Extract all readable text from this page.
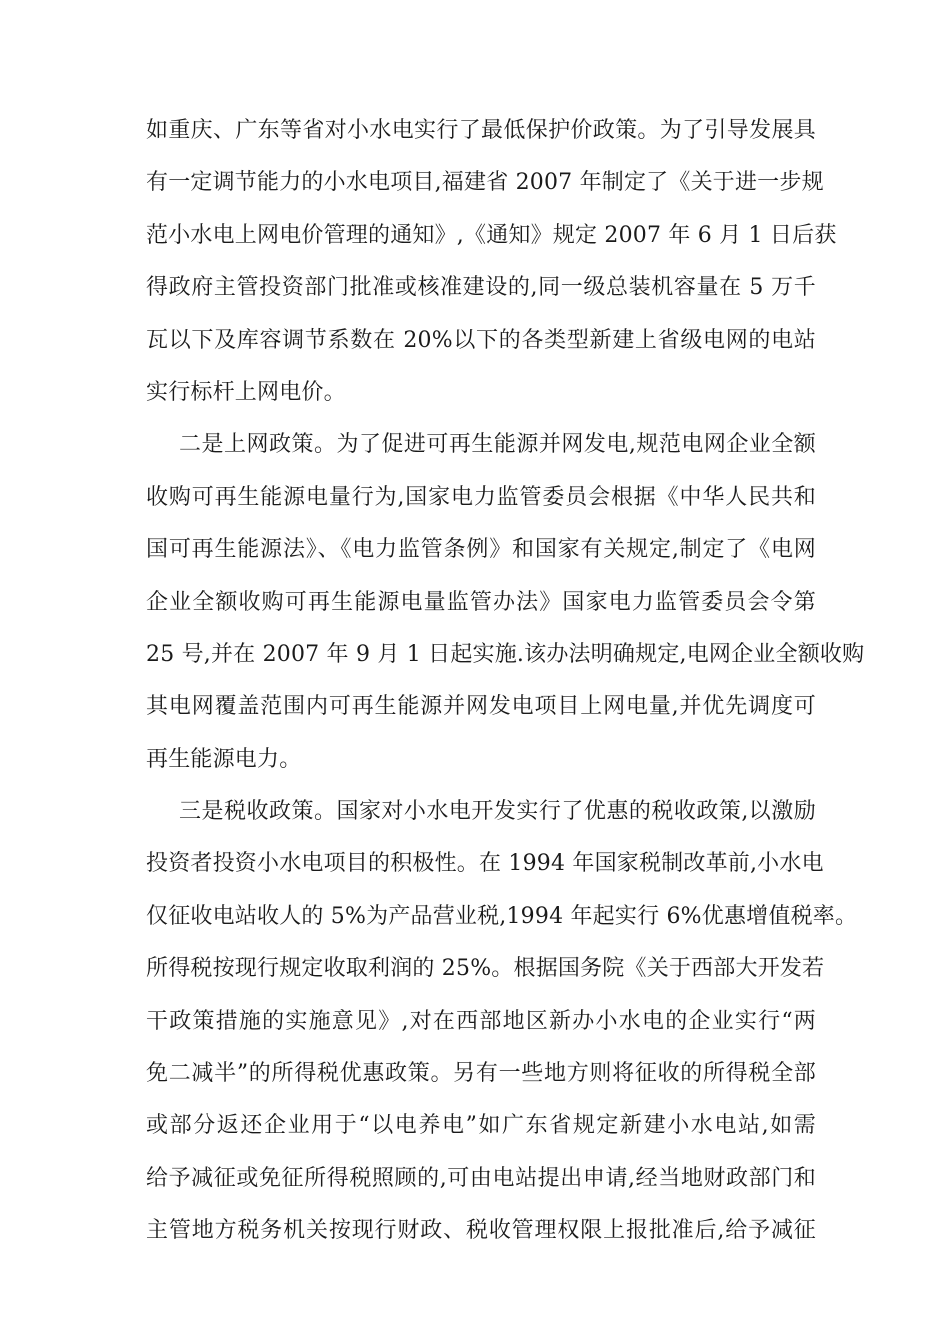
如重庆、广东等省对小水电实行了最低保护价政策。为了引导发展具
有一定调节能力的小水电项目,福建省 2007 年制定了《关于进一步规
范小水电上网电价管理的通知》,《通知》规定 2007 年 6 月 1 日后获
得政府主管投资部门批准或核准建设的,同一级总装机容量在 5 万千
瓦以下及库容调节系数在 20%以下的各类型新建上省级电网的电站
实行标杆上网电价。
二是上网政策。为了促进可再生能源并网发电,规范电网企业全额
收购可再生能源电量行为,国家电力监管委员会根据《中华人民共和
国可再生能源法》、《电力监管条例》和国家有关规定,制定了《电网
企业全额收购可再生能源电量监管办法》国家电力监管委员会令第
25 号,并在 2007 年 9 月 1 日起实施.该办法明确规定,电网企业全额收购
其电网覆盖范围内可再生能源并网发电项目上网电量,并优先调度可
再生能源电力。
三是税收政策。国家对小水电开发实行了优惠的税收政策,以激励
投资者投资小水电项目的积极性。在 1994 年国家税制改革前,小水电
仅征收电站收人的 5%为产品营业税,1994 年起实行 6%优惠增值税率。
所得税按现行规定收取利润的 25%。根据国务院《关于西部大开发若
干政策措施的实施意见》,对在西部地区新办小水电的企业实行“两
免二减半”的所得税优惠政策。另有一些地方则将征收的所得税全部
或部分返还企业用于“以电养电”如广东省规定新建小水电站,如需
给予减征或免征所得税照顾的,可由电站提出申请,经当地财政部门和
主管地方税务机关按现行财政、税收管理权限上报批准后,给予减征
